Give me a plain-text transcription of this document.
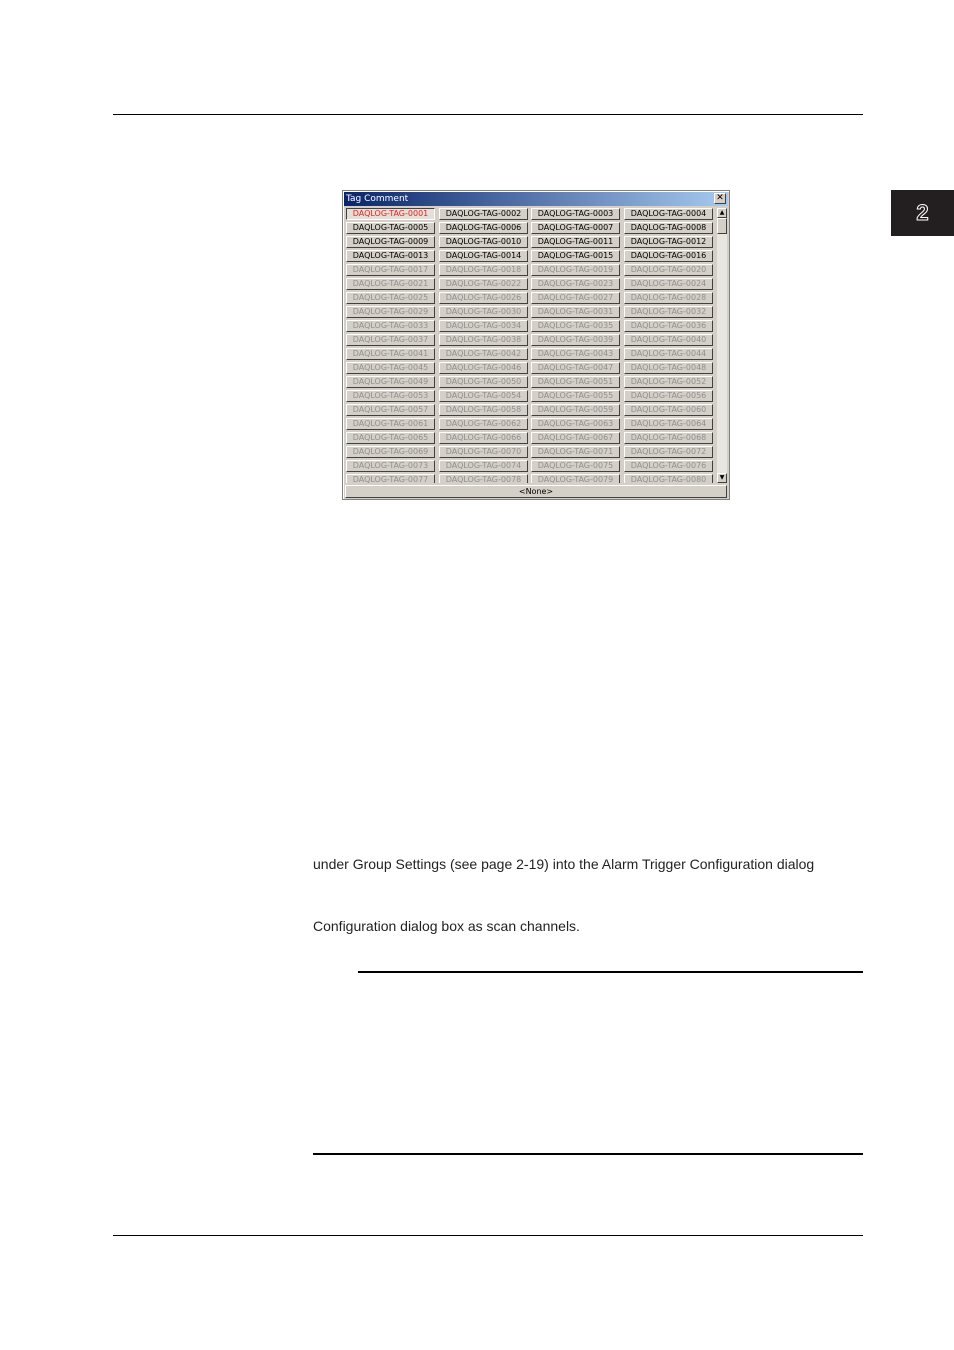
2
Tag Comment	✕
DAQLOG-TAG-0001	DAQLOG-TAG-0002	DAQLOG-TAG-0003	DAQLOG-TAG-0004
DAQLOG-TAG-0005	DAQLOG-TAG-0006	DAQLOG-TAG-0007	DAQLOG-TAG-0008
DAQLOG-TAG-0009	DAQLOG-TAG-0010	DAQLOG-TAG-0011	DAQLOG-TAG-0012
DAQLOG-TAG-0013	DAQLOG-TAG-0014	DAQLOG-TAG-0015	DAQLOG-TAG-0016
DAQLOG-TAG-0017	DAQLOG-TAG-0018	DAQLOG-TAG-0019	DAQLOG-TAG-0020
DAQLOG-TAG-0021	DAQLOG-TAG-0022	DAQLOG-TAG-0023	DAQLOG-TAG-0024
DAQLOG-TAG-0025	DAQLOG-TAG-0026	DAQLOG-TAG-0027	DAQLOG-TAG-0028
DAQLOG-TAG-0029	DAQLOG-TAG-0030	DAQLOG-TAG-0031	DAQLOG-TAG-0032
DAQLOG-TAG-0033	DAQLOG-TAG-0034	DAQLOG-TAG-0035	DAQLOG-TAG-0036
DAQLOG-TAG-0037	DAQLOG-TAG-0038	DAQLOG-TAG-0039	DAQLOG-TAG-0040
DAQLOG-TAG-0041	DAQLOG-TAG-0042	DAQLOG-TAG-0043	DAQLOG-TAG-0044
DAQLOG-TAG-0045	DAQLOG-TAG-0046	DAQLOG-TAG-0047	DAQLOG-TAG-0048
DAQLOG-TAG-0049	DAQLOG-TAG-0050	DAQLOG-TAG-0051	DAQLOG-TAG-0052
DAQLOG-TAG-0053	DAQLOG-TAG-0054	DAQLOG-TAG-0055	DAQLOG-TAG-0056
DAQLOG-TAG-0057	DAQLOG-TAG-0058	DAQLOG-TAG-0059	DAQLOG-TAG-0060
DAQLOG-TAG-0061	DAQLOG-TAG-0062	DAQLOG-TAG-0063	DAQLOG-TAG-0064
DAQLOG-TAG-0065	DAQLOG-TAG-0066	DAQLOG-TAG-0067	DAQLOG-TAG-0068
DAQLOG-TAG-0069	DAQLOG-TAG-0070	DAQLOG-TAG-0071	DAQLOG-TAG-0072
DAQLOG-TAG-0073	DAQLOG-TAG-0074	DAQLOG-TAG-0075	DAQLOG-TAG-0076
DAQLOG-TAG-0077	DAQLOG-TAG-0078	DAQLOG-TAG-0079	DAQLOG-TAG-0080
▲
▼
<None>
under Group Settings (see page 2-19) into the Alarm Trigger Configuration dialog
Configuration dialog box as scan channels.
